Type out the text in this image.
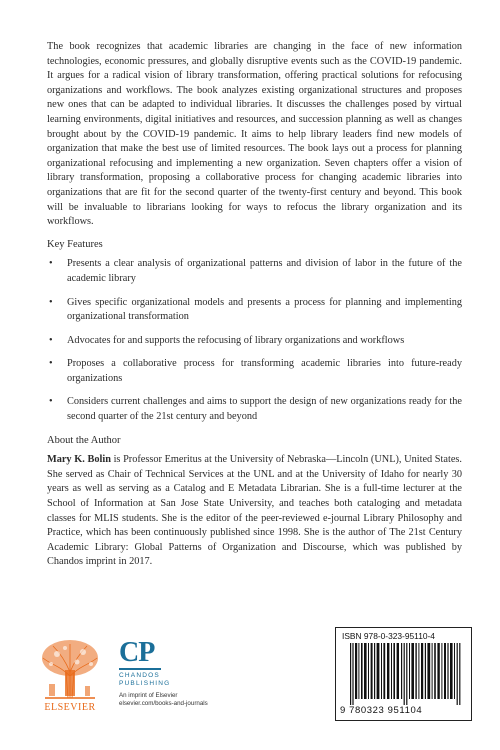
The book recognizes that academic libraries are changing in the face of new information technologies, economic pressures, and globally disruptive events such as the COVID-19 pandemic. It argues for a radical vision of library transformation, offering practical solutions for refocusing organizations and workflows. The book analyzes existing organizational structures and proposes new ones that can be adapted to individual libraries. It discusses the challenges posed by virtual learning environments, digital initiatives and resources, and succession planning as well as changes brought about by the COVID-19 pandemic. It aims to help library leaders find new models of organization that make the best use of limited resources. The book lays out a process for planning organizational refocusing and implementing a new organization. Seven chapters offer a vision of library transformation, proposing a collaborative process for changing academic libraries into organizations that are fit for the second quarter of the twenty-first century and beyond. This book will be invaluable to librarians looking for ways to refocus the library organization and its workflows.

Key Features
• Presents a clear analysis of organizational patterns and division of labor in the future of the academic library
• Gives specific organizational models and presents a process for planning and implementing organizational transformation
• Advocates for and supports the refocusing of library organizations and workflows
• Proposes a collaborative process for transforming academic libraries into future-ready organizations
• Considers current challenges and aims to support the design of new organizations ready for the second quarter of the 21st century and beyond
About the Author

Mary K. Bolin is Professor Emeritus at the University of Nebraska—Lincoln (UNL), United States. She served as Chair of Technical Services at the UNL and at the University of Idaho for nearly 30 years as well as serving as a Catalog and E Metadata Librarian. She is a full-time lecturer at the School of Information at San Jose State University, and teaches both cataloging and metadata classes for MLIS students. She is the editor of the peer-reviewed e-journal Library Philosophy and Practice, which has been continuously published since 1998. She is the author of The 21st Century Academic Library: Global Patterns of Organization and Discourse, which was published by Chandos imprint in 2017.

ELSEVIER
CP
CHANDOS
PUBLISHING
An imprint of Elsevier
elsevier.com/books-and-journals
ISBN 978-0-323-95110-4
9 780323 951104
